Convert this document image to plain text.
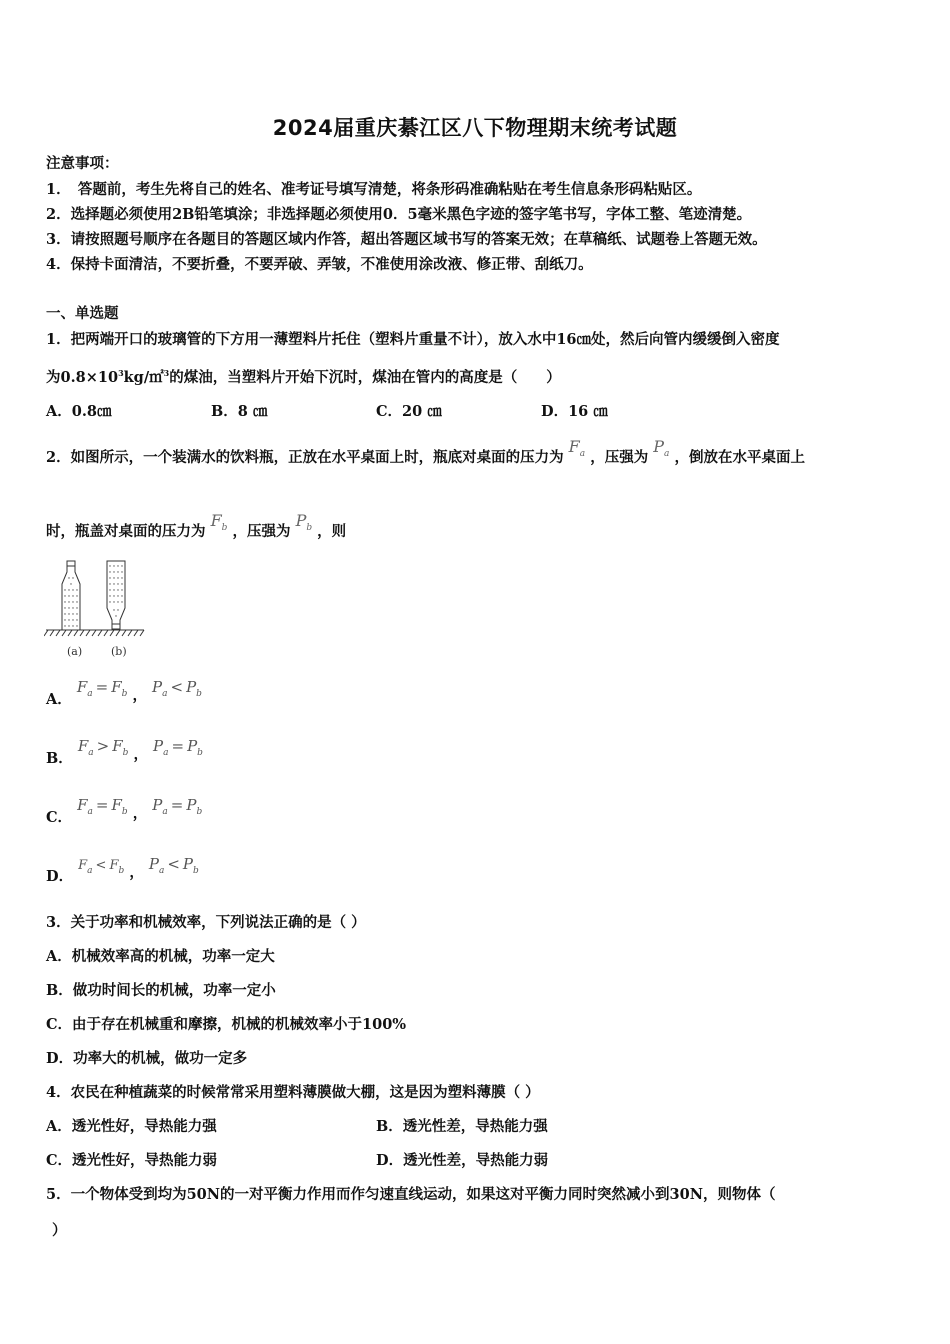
2024届重庆綦江区八下物理期末统考试题
注意事项：
1．　答题前，考生先将自己的姓名、准考证号填写清楚，将条形码准确粘贴在考生信息条形码粘贴区。
2．选择题必须使用2B铅笔填涂；非选择题必须使用0．5毫米黑色字迹的签字笔书写，字体工整、笔迹清楚。
3．请按照题号顺序在各题目的答题区域内作答，超出答题区域书写的答案无效；在草稿纸、试题卷上答题无效。
4．保持卡面清洁，不要折叠，不要弄破、弄皱，不准使用涂改液、修正带、刮纸刀。
一、单选题
1．把两端开口的玻璃管的下方用一薄塑料片托住（塑料片重量不计），放入水中16㎝处，然后向管内缓缓倒入密度
为$0.8\times 10^3kg/㎡^3$的煤油，当塑料片开始下沉时，煤油在管内的高度是（　　）
A．0.8㎝	B．8 ㎝	C．20 ㎝	D．16 ㎝
2．如图所示，一个装满水的饮料瓶，正放在水平桌面上时，瓶底对桌面的压力为 $F_a$ ，压强为 $P_a$ ，倒放在水平桌面上
时，瓶盖对桌面的压力为 $F_b$ ，压强为 $P_b$ ，则
(a)	(b)
A． $F_a = F_b$ ， $P_a < P_b$
B． $F_a > F_b$ ， $P_a = P_b$
C． $F_a = F_b$ ， $P_a = P_b$
D． $F_a < F_b$ ， $P_a < P_b$
3．关于功率和机械效率，下列说法正确的是（ ）
A．机械效率高的机械，功率一定大
B．做功时间长的机械，功率一定小
C．由于存在机械重和摩擦，机械的机械效率小于100%
D．功率大的机械，做功一定多
4．农民在种植蔬菜的时候常常采用塑料薄膜做大棚，这是因为塑料薄膜（ ）
A．透光性好，导热能力强	B．透光性差，导热能力强
C．透光性好，导热能力弱	D．透光性差，导热能力弱
5．一个物体受到均为50N的一对平衡力作用而作匀速直线运动，如果这对平衡力同时突然减小到30N，则物体（
）
